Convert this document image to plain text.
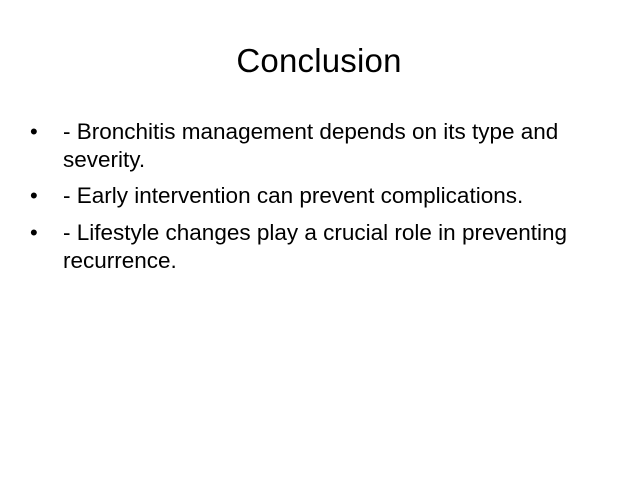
Conclusion
•	- Bronchitis management depends on its type and severity.
•	- Early intervention can prevent complications.
•	- Lifestyle changes play a crucial role in preventing recurrence.
